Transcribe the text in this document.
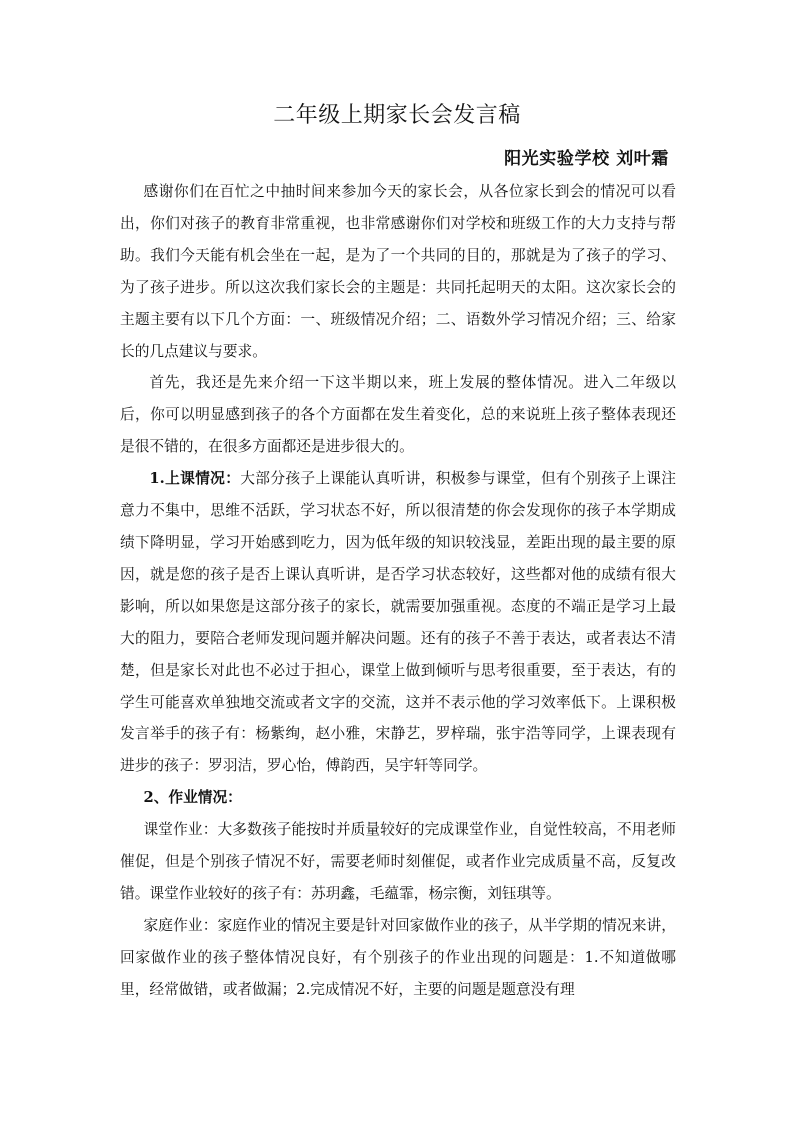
二年级上期家长会发言稿
阳光实验学校 刘叶霜

感谢你们在百忙之中抽时间来参加今天的家长会，从各位家长到会的情况可以看出，你们对孩子的教育非常重视，也非常感谢你们对学校和班级工作的大力支持与帮助。我们今天能有机会坐在一起，是为了一个共同的目的，那就是为了孩子的学习、为了孩子进步。所以这次我们家长会的主题是：共同托起明天的太阳。这次家长会的主题主要有以下几个方面：一、班级情况介绍；二、语数外学习情况介绍；三、给家长的几点建议与要求。

首先，我还是先来介绍一下这半期以来，班上发展的整体情况。进入二年级以后，你可以明显感到孩子的各个方面都在发生着变化，总的来说班上孩子整体表现还是很不错的，在很多方面都还是进步很大的。

1.上课情况：大部分孩子上课能认真听讲，积极参与课堂，但有个别孩子上课注意力不集中，思维不活跃，学习状态不好，所以很清楚的你会发现你的孩子本学期成绩下降明显，学习开始感到吃力，因为低年级的知识较浅显，差距出现的最主要的原因，就是您的孩子是否上课认真听讲，是否学习状态较好，这些都对他的成绩有很大影响，所以如果您是这部分孩子的家长，就需要加强重视。态度的不端正是学习上最大的阻力，要陪合老师发现问题并解决问题。还有的孩子不善于表达，或者表达不清楚，但是家长对此也不必过于担心，课堂上做到倾听与思考很重要，至于表达，有的学生可能喜欢单独地交流或者文字的交流，这并不表示他的学习效率低下。上课积极发言举手的孩子有：杨紫绚，赵小雅，宋静艺，罗梓瑞，张宇浩等同学，上课表现有进步的孩子：罗羽洁，罗心怡，傅韵西，吴宇轩等同学。

2、作业情况：

课堂作业：大多数孩子能按时并质量较好的完成课堂作业，自觉性较高，不用老师催促，但是个别孩子情况不好，需要老师时刻催促，或者作业完成质量不高，反复改错。课堂作业较好的孩子有：苏玥鑫，毛蕴霏，杨宗衡，刘钰琪等。

家庭作业：家庭作业的情况主要是针对回家做作业的孩子，从半学期的情况来讲，回家做作业的孩子整体情况良好，有个别孩子的作业出现的问题是：1.不知道做哪里，经常做错，或者做漏；2.完成情况不好，主要的问题是题意没有理
